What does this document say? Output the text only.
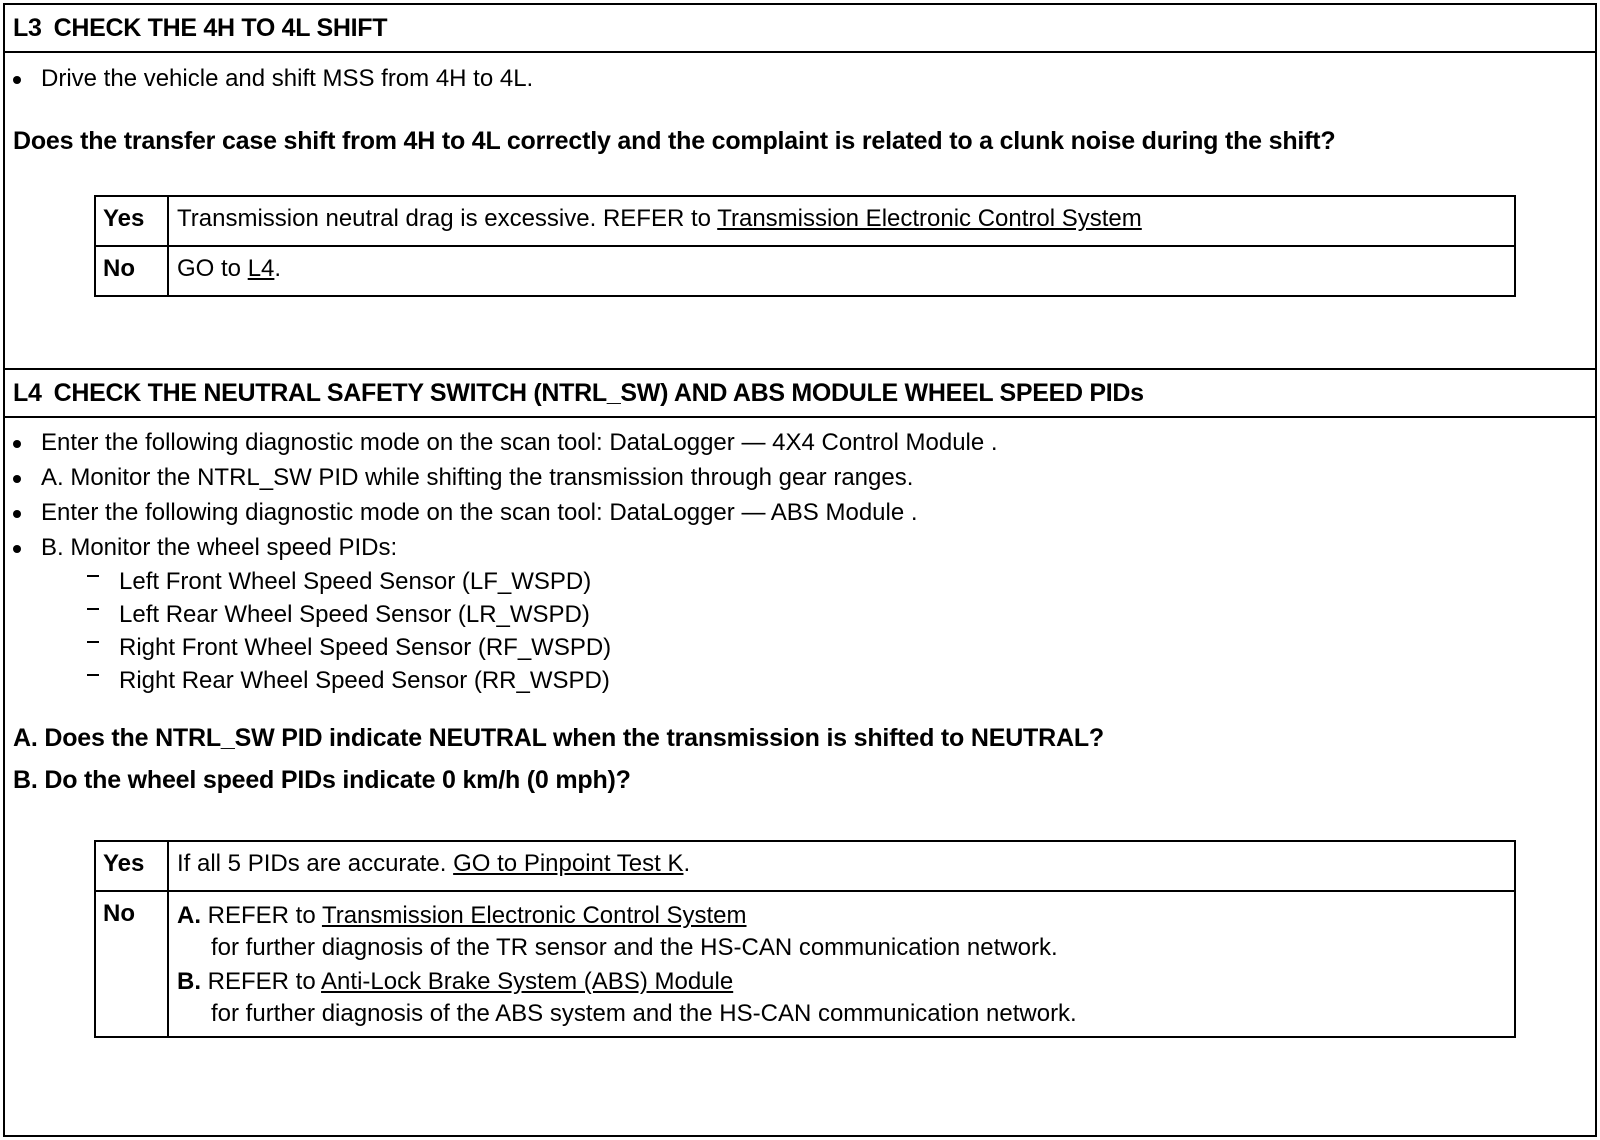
L3 CHECK THE 4H TO 4L SHIFT
Drive the vehicle and shift MSS from 4H to 4L.
Does the transfer case shift from 4H to 4L correctly and the complaint is related to a clunk noise during the shift?
Yes	Transmission neutral drag is excessive. REFER to Transmission Electronic Control System
No	GO to L4.
L4 CHECK THE NEUTRAL SAFETY SWITCH (NTRL_SW) AND ABS MODULE WHEEL SPEED PIDs
Enter the following diagnostic mode on the scan tool: DataLogger — 4X4 Control Module .
A. Monitor the NTRL_SW PID while shifting the transmission through gear ranges.
Enter the following diagnostic mode on the scan tool: DataLogger — ABS Module .
B. Monitor the wheel speed PIDs:
Left Front Wheel Speed Sensor (LF_WSPD)
Left Rear Wheel Speed Sensor (LR_WSPD)
Right Front Wheel Speed Sensor (RF_WSPD)
Right Rear Wheel Speed Sensor (RR_WSPD)
A. Does the NTRL_SW PID indicate NEUTRAL when the transmission is shifted to NEUTRAL?
B. Do the wheel speed PIDs indicate 0 km/h (0 mph)?
Yes	If all 5 PIDs are accurate. GO to Pinpoint Test K.
No	A. REFER to Transmission Electronic Control System
for further diagnosis of the TR sensor and the HS-CAN communication network.
B. REFER to Anti-Lock Brake System (ABS) Module
for further diagnosis of the ABS system and the HS-CAN communication network.
